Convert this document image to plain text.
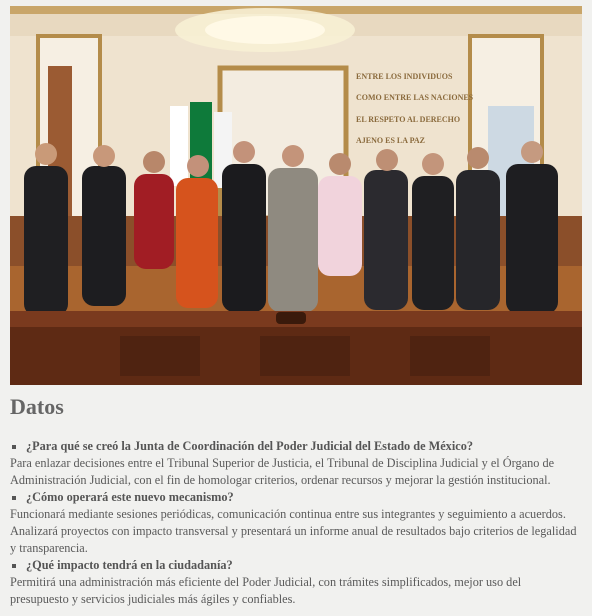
ENTRE LOS INDIVIDUOS
COMO ENTRE LAS NACIONES
EL RESPETO AL DERECHO
AJENO ES LA PAZ
Datos
¿Para qué se creó la Junta de Coordinación del Poder Judicial del Estado de México?
Para enlazar decisiones entre el Tribunal Superior de Justicia, el Tribunal de Disciplina Judicial y el Órgano de Administración Judicial, con el fin de homologar criterios, ordenar recursos y mejorar la gestión institucional.
¿Cómo operará este nuevo mecanismo?
Funcionará mediante sesiones periódicas, comunicación continua entre sus integrantes y seguimiento a acuerdos. Analizará proyectos con impacto transversal y presentará un informe anual de resultados bajo criterios de legalidad y transparencia.
¿Qué impacto tendrá en la ciudadanía?
Permitirá una administración más eficiente del Poder Judicial, con trámites simplificados, mejor uso del presupuesto y servicios judiciales más ágiles y confiables.
